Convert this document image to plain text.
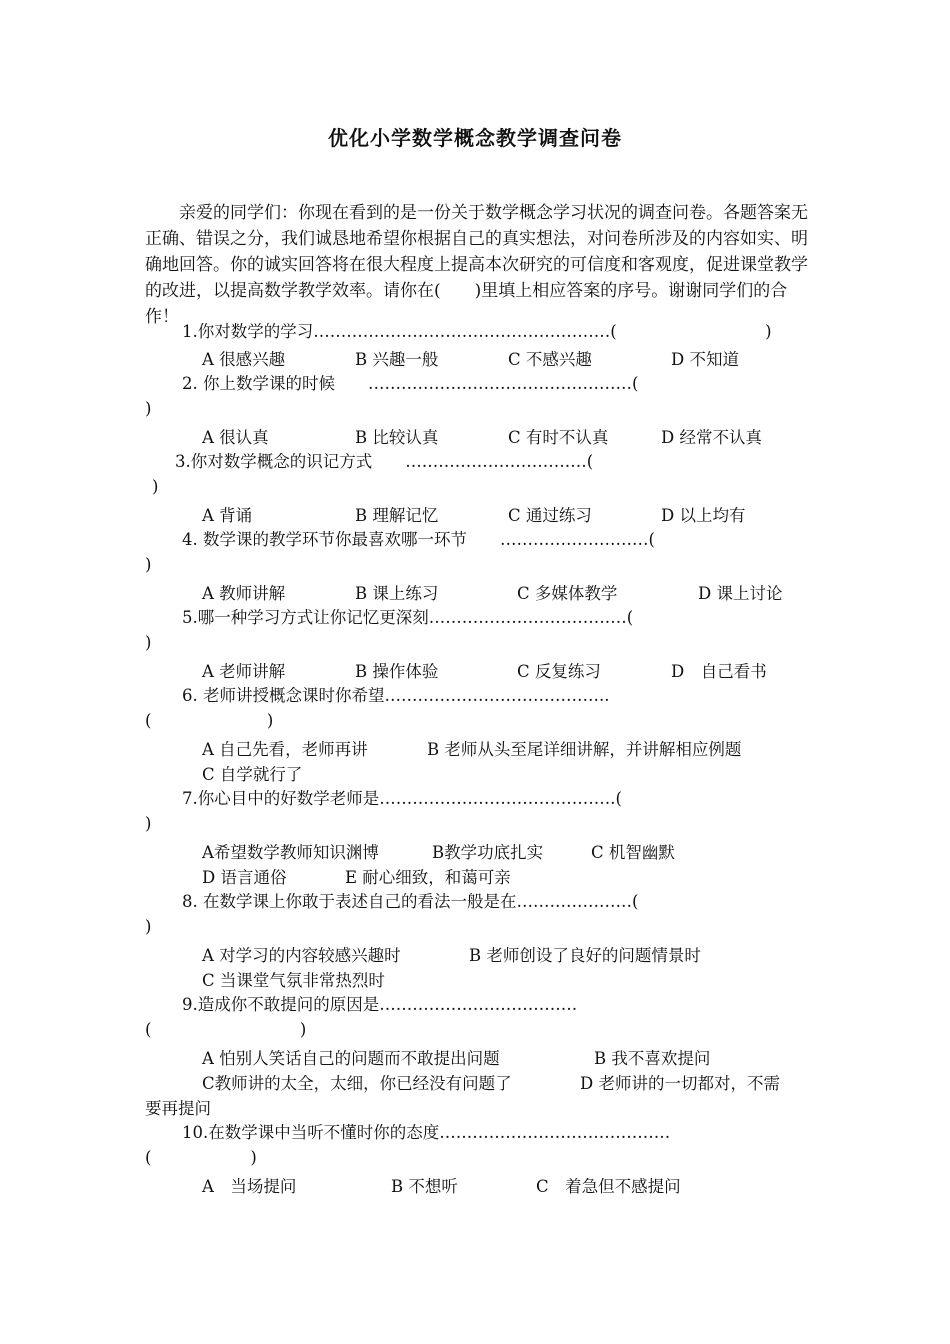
优化小学数学概念教学调查问卷
亲爱的同学们：你现在看到的是一份关于数学概念学习状况的调查问卷。各题答案无正确、错误之分，我们诚恳地希望你根据自己的真实想法，对问卷所涉及的内容如实、明确地回答。你的诚实回答将在很大程度上提高本次研究的可信度和客观度，促进课堂教学的改进，以提高数学教学效率。请你在(　　)里填上相应答案的序号。谢谢同学们的合作！
1.你对数学的学习………………………………………………(　　　　　　　　　)
A 很感兴趣	B 兴趣一般	C 不感兴趣	D 不知道
2. 你上数学课的时候　　…………………………………………(
)
A 很认真	B 比较认真	C 有时不认真	D 经常不认真
3.你对数学概念的识记方式　　……………………………(
)
A 背诵	B 理解记忆	C 通过练习	D 以上均有
4. 数学课的教学环节你最喜欢哪一环节　　………………………(
)
A 教师讲解	B 课上练习	C 多媒体教学	D 课上讨论
5.哪一种学习方式让你记忆更深刻………………………………(
)
A 老师讲解	B 操作体验	C 反复练习	D　自己看书
6. 老师讲授概念课时你希望…………………………………..
(　　　　　　　)
A 自己先看，老师再讲	B 老师从头至尾详细讲解，并讲解相应例题
C 自学就行了
7.你心目中的好数学老师是…………………………………….(
)
A希望数学教师知识渊博	B教学功底扎实	C 机智幽默
D 语言通俗	E 耐心细致，和蔼可亲
8. 在数学课上你敢于表述自己的看法一般是在…………………(
)
A 对学习的内容较感兴趣时	B 老师创设了良好的问题情景时
C 当课堂气氛非常热烈时
9.造成你不敢提问的原因是………………………………
(　　　　　　　　　)
A 怕别人笑话自己的问题而不敢提出问题	B 我不喜欢提问
C教师讲的太全，太细，你已经没有问题了	D 老师讲的一切都对，不需
要再提问
10.在数学课中当听不懂时你的态度……………………………………
(　　　　　　)
A　当场提问	B 不想听	C　着急但不感提问
